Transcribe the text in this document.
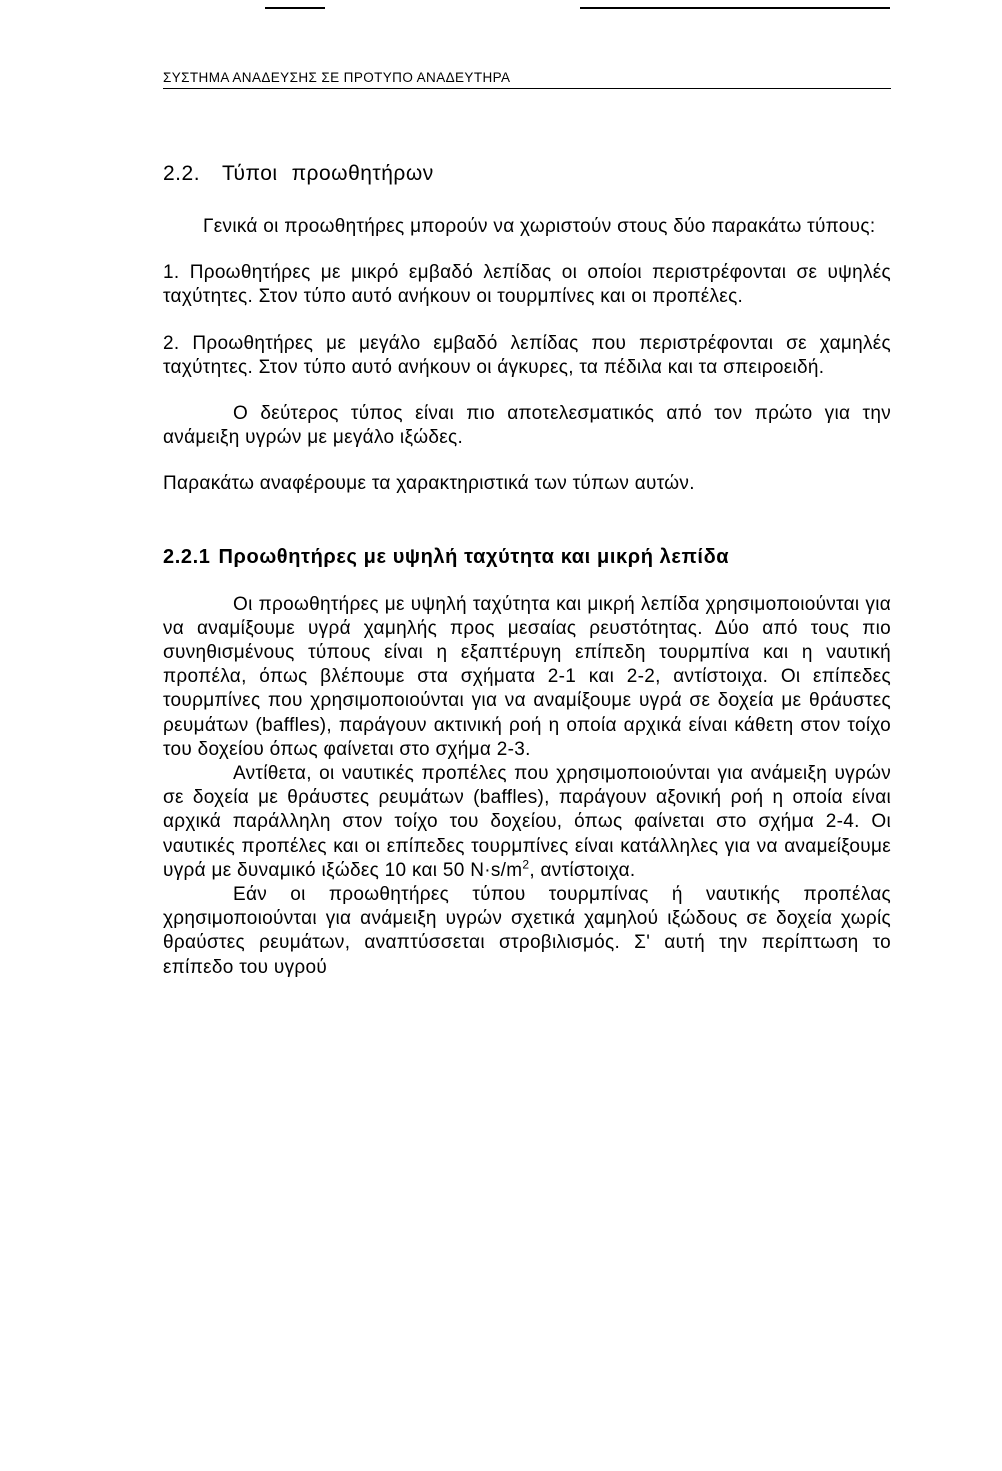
ΣΥΣΤΗΜΑ ΑΝΑΔΕΥΣΗΣ ΣΕ ΠΡΟΤΥΠΟ ΑΝΑΔΕΥΤΗΡΑ
2.2. Τύποι προωθητήρων

Γενικά οι προωθητήρες μπορούν να χωριστούν στους δύο παρακάτω τύπους:

1. Προωθητήρες με μικρό εμβαδό λεπίδας οι οποίοι περιστρέφονται σε υψηλές ταχύτητες. Στον τύπο αυτό ανήκουν οι τουρμπίνες και οι προπέλες.

2. Προωθητήρες με μεγάλο εμβαδό λεπίδας που περιστρέφονται σε χαμηλές ταχύτητες. Στον τύπο αυτό ανήκουν οι άγκυρες, τα πέδιλα και τα σπειροειδή.

Ο δεύτερος τύπος είναι πιο αποτελεσματικός από τον πρώτο για την ανάμειξη υγρών με μεγάλο ιξώδες.

Παρακάτω αναφέρουμε τα χαρακτηριστικά των τύπων αυτών.

2.2.1 Προωθητήρες με υψηλή ταχύτητα και μικρή λεπίδα

Οι προωθητήρες με υψηλή ταχύτητα και μικρή λεπίδα χρησιμοποιούνται για να αναμίξουμε υγρά χαμηλής προς μεσαίας ρευστότητας. Δύο από τους πιο συνηθισμένους τύπους είναι η εξαπτέρυγη επίπεδη τουρμπίνα και η ναυτική προπέλα, όπως βλέπουμε στα σχήματα 2-1 και 2-2, αντίστοιχα. Οι επίπεδες τουρμπίνες που χρησιμοποιούνται για να αναμίξουμε υγρά σε δοχεία με θράυστες ρευμάτων (baffles), παράγουν ακτινική ροή η οποία αρχικά είναι κάθετη στον τοίχο του δοχείου όπως φαίνεται στο σχήμα 2-3.

Αντίθετα, οι ναυτικές προπέλες που χρησιμοποιούνται για ανάμειξη υγρών σε δοχεία με θράυστες ρευμάτων (baffles), παράγουν αξονική ροή η οποία είναι αρχικά παράλληλη στον τοίχο του δοχείου, όπως φαίνεται στο σχήμα 2-4. Οι ναυτικές προπέλες και οι επίπεδες τουρμπίνες είναι κατάλληλες για να αναμείξουμε υγρά με δυναμικό ιξώδες 10 και 50 $N\cdot s/m^2$, αντίστοιχα.

Εάν οι προωθητήρες τύπου τουρμπίνας ή ναυτικής προπέλας χρησιμοποιούνται για ανάμειξη υγρών σχετικά χαμηλού ιξώδους σε δοχεία χωρίς θραύστες ρευμάτων, αναπτύσσεται στροβιλισμός. Σ' αυτή την περίπτωση το επίπεδο του υγρού
